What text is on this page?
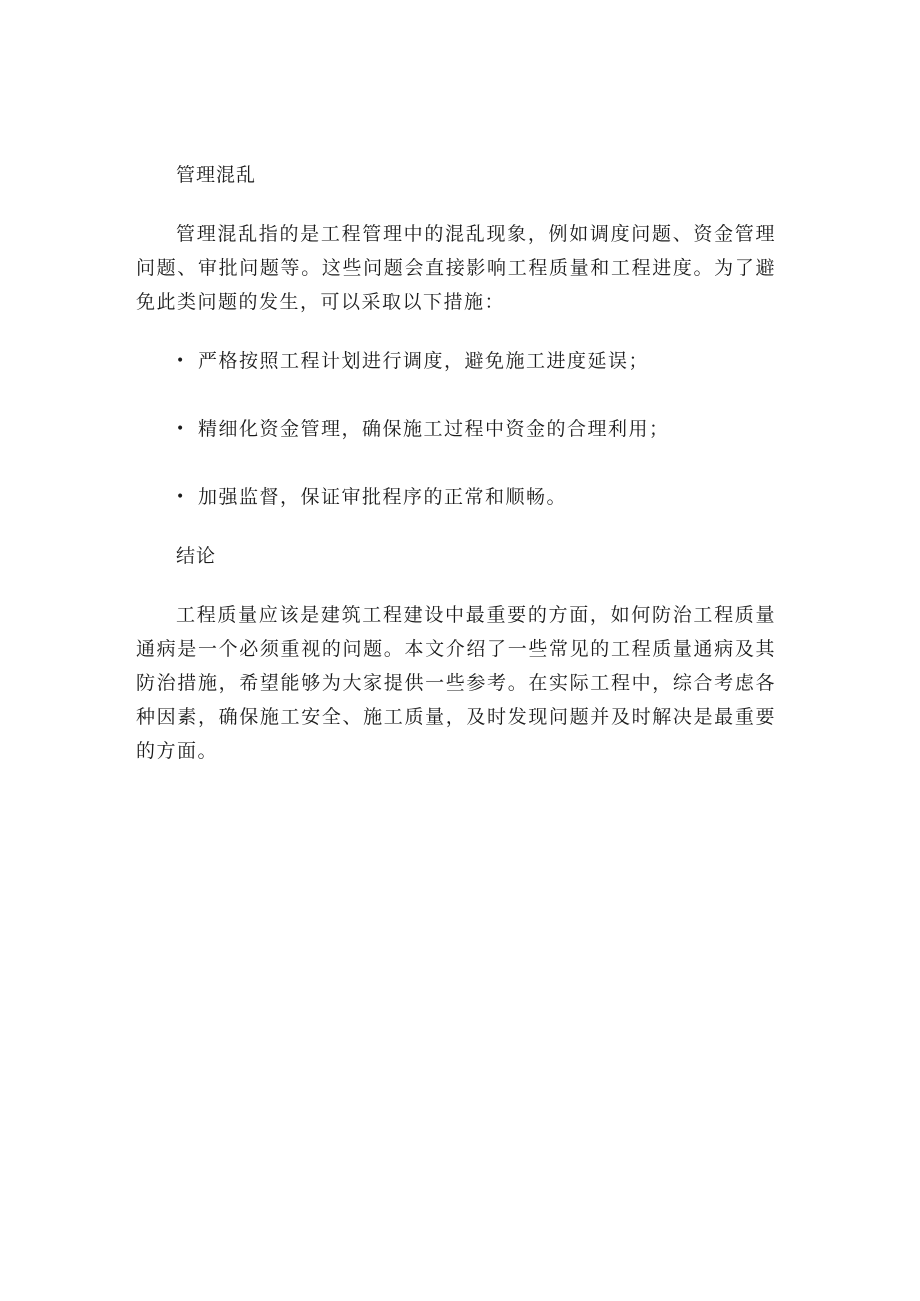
管理混乱

管理混乱指的是工程管理中的混乱现象，例如调度问题、资金管理问题、审批问题等。这些问题会直接影响工程质量和工程进度。为了避免此类问题的发生，可以采取以下措施：

• 严格按照工程计划进行调度，避免施工进度延误；
• 精细化资金管理，确保施工过程中资金的合理利用；
• 加强监督，保证审批程序的正常和顺畅。
结论

工程质量应该是建筑工程建设中最重要的方面，如何防治工程质量通病是一个必须重视的问题。本文介绍了一些常见的工程质量通病及其防治措施，希望能够为大家提供一些参考。在实际工程中，综合考虑各种因素，确保施工安全、施工质量，及时发现问题并及时解决是最重要的方面。
